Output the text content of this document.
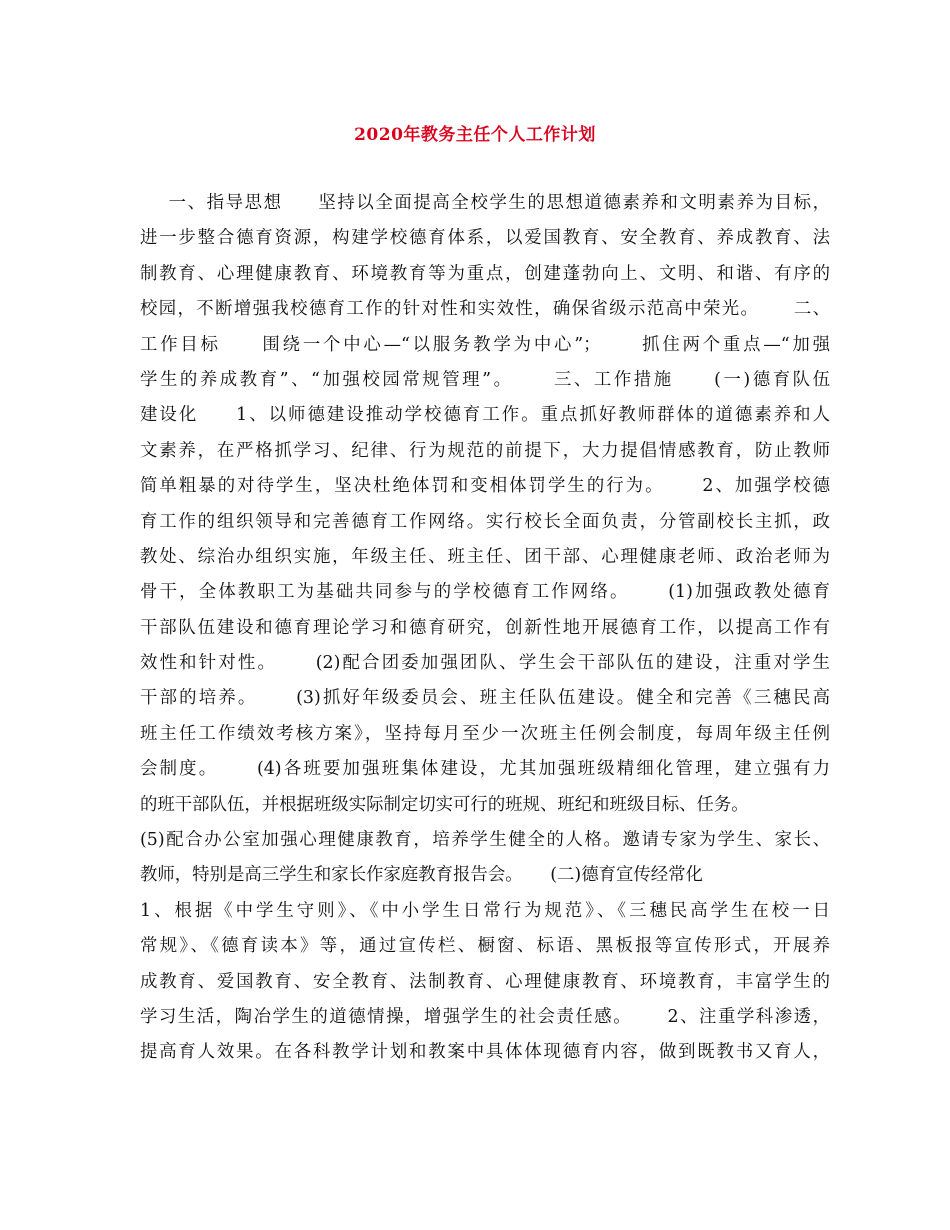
2020年教务主任个人工作计划
一、指导思想     坚持以全面提高全校学生的思想道德素养和文明素养为目标，
进一步整合德育资源，构建学校德育体系，以爱国教育、安全教育、养成教育、法
制教育、心理健康教育、环境教育等为重点，创建蓬勃向上、文明、和谐、有序的
校园，不断增强我校德育工作的针对性和实效性，确保省级示范高中荣光。     二、
工作目标     围绕一个中心—“以服务教学为中心”；     抓住两个重点—“加强
学生的养成教育”、“加强校园常规管理”。     三、工作措施     (一)德育队伍
建设化     1、以师德建设推动学校德育工作。重点抓好教师群体的道德素养和人
文素养，在严格抓学习、纪律、行为规范的前提下，大力提倡情感教育，防止教师
简单粗暴的对待学生，坚决杜绝体罚和变相体罚学生的行为。     2、加强学校德
育工作的组织领导和完善德育工作网络。实行校长全面负责，分管副校长主抓，政
教处、综治办组织实施，年级主任、班主任、团干部、心理健康老师、政治老师为
骨干，全体教职工为基础共同参与的学校德育工作网络。     (1)加强政教处德育
干部队伍建设和德育理论学习和德育研究，创新性地开展德育工作，以提高工作有
效性和针对性。     (2)配合团委加强团队、学生会干部队伍的建设，注重对学生
干部的培养。     (3)抓好年级委员会、班主任队伍建设。健全和完善《三穗民高
班主任工作绩效考核方案》，坚持每月至少一次班主任例会制度，每周年级主任例
会制度。     (4)各班要加强班集体建设，尤其加强班级精细化管理，建立强有力
的班干部队伍，并根据班级实际制定切实可行的班规、班纪和班级目标、任务。
(5)配合办公室加强心理健康教育，培养学生健全的人格。邀请专家为学生、家长、
教师，特别是高三学生和家长作家庭教育报告会。     (二)德育宣传经常化
1、根据《中学生守则》、《中小学生日常行为规范》、《三穗民高学生在校一日
常规》、《德育读本》等，通过宣传栏、橱窗、标语、黑板报等宣传形式，开展养
成教育、爱国教育、安全教育、法制教育、心理健康教育、环境教育，丰富学生的
学习生活，陶冶学生的道德情操，增强学生的社会责任感。     2、注重学科渗透，
提高育人效果。在各科教学计划和教案中具体体现德育内容，做到既教书又育人，
